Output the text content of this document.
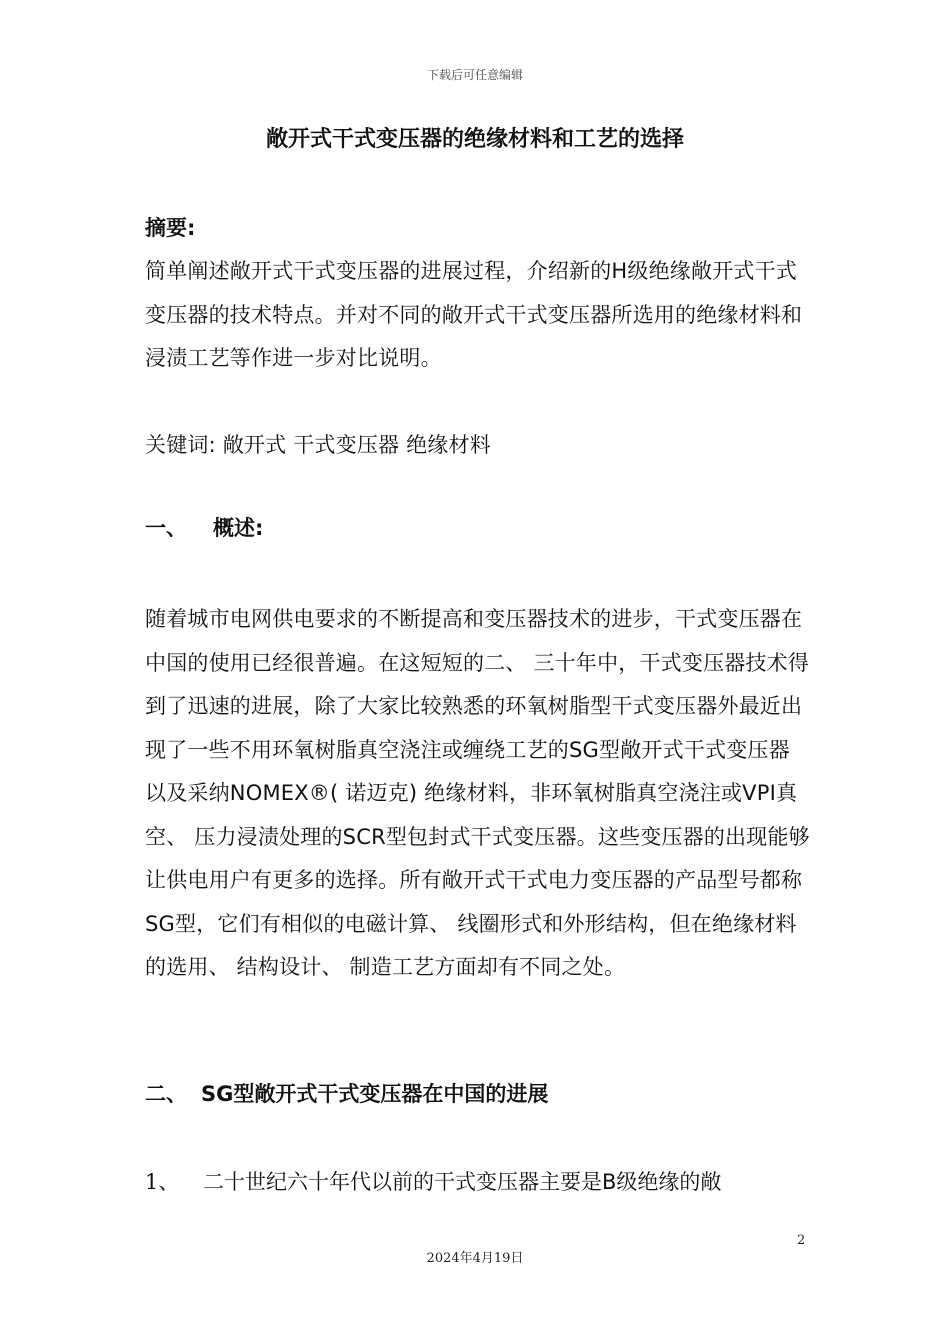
下载后可任意编辑
敞开式干式变压器的绝缘材料和工艺的选择
摘要:
简单阐述敞开式干式变压器的进展过程，介绍新的H级绝缘敞开式干式变压器的技术特点。并对不同的敞开式干式变压器所选用的绝缘材料和浸渍工艺等作进一步对比说明。
关键词: 敞开式 干式变压器 绝缘材料
一、 概述:
随着城市电网供电要求的不断提高和变压器技术的进步，干式变压器在中国的使用已经很普遍。在这短短的二、 三十年中，干式变压器技术得到了迅速的进展，除了大家比较熟悉的环氧树脂型干式变压器外最近出现了一些不用环氧树脂真空浇注或缠绕工艺的SG型敞开式干式变压器以及采纳NOMEX®( 诺迈克) 绝缘材料，非环氧树脂真空浇注或VPI真空、 压力浸渍处理的SCR型包封式干式变压器。这些变压器的出现能够让供电用户有更多的选择。所有敞开式干式电力变压器的产品型号都称SG型，它们有相似的电磁计算、 线圈形式和外形结构，但在绝缘材料的选用、 结构设计、 制造工艺方面却有不同之处。
二、 SG型敞开式干式变压器在中国的进展
1、 二十世纪六十年代以前的干式变压器主要是B级绝缘的敞
2
2024年4月19日
